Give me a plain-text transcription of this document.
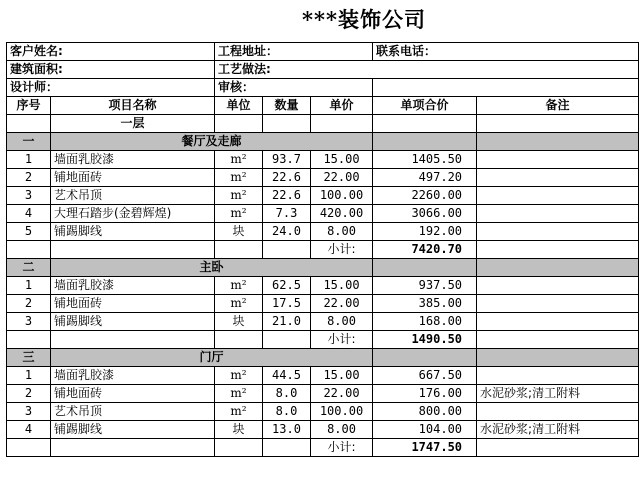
***装饰公司
客户姓名:		工程地址：			联系电话：	
建筑面积:		工艺做法:				
设计师：		审核：				
序号	项目名称	单位	数量	单价	单项合价	备注
	一层					
一	餐厅及走廊					
1	墙面乳胶漆	m²	93.7	15.00	1405.50	
2	铺地面砖	m²	22.6	22.00	497.20	
3	艺术吊顶	m²	22.6	100.00	2260.00	
4	大理石踏步(金碧辉煌)	m²	7.3	420.00	3066.00	
5	铺踢脚线	块	24.0	8.00	192.00	
				小计:	7420.70	
二	主卧					
1	墙面乳胶漆	m²	62.5	15.00	937.50	
2	铺地面砖	m²	17.5	22.00	385.00	
3	铺踢脚线	块	21.0	8.00	168.00	
				小计:	1490.50	
三	门厅					
1	墙面乳胶漆	m²	44.5	15.00	667.50	
2	铺地面砖	m²	8.0	22.00	176.00	水泥砂浆;清工附料
3	艺术吊顶	m²	8.0	100.00	800.00	
4	铺踢脚线	块	13.0	8.00	104.00	水泥砂浆;清工附料
				小计:	1747.50	
